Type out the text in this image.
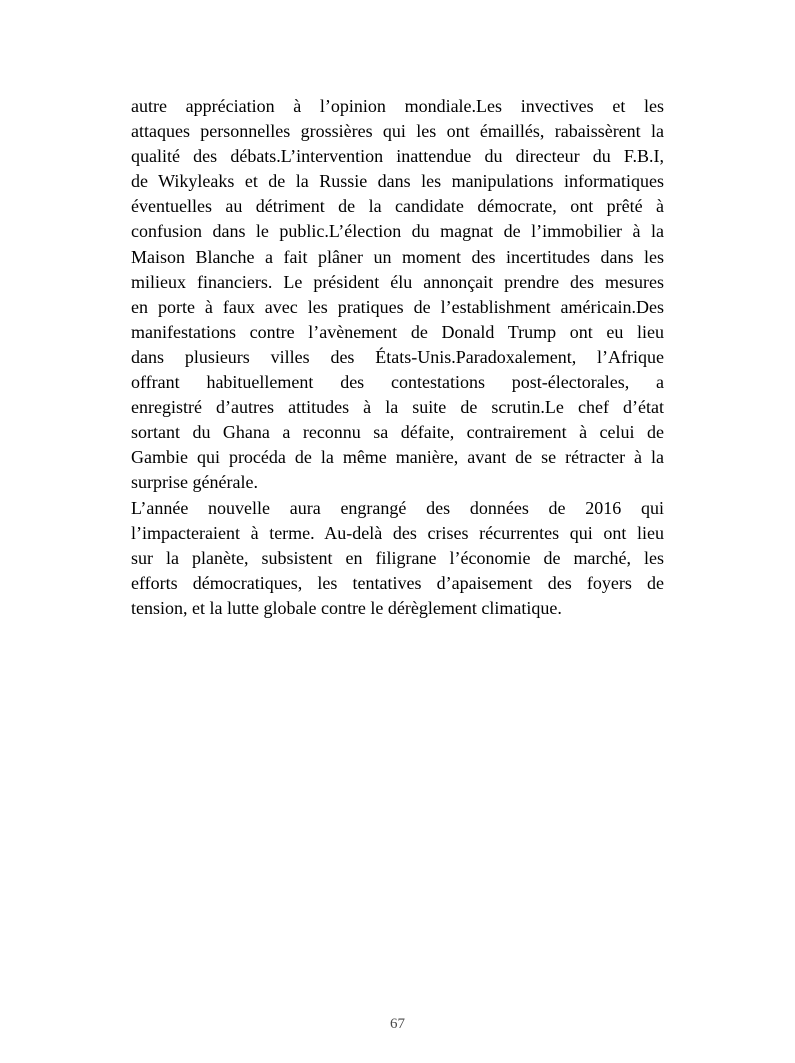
autre appréciation à l’opinion mondiale.Les invectives et les
attaques personnelles grossières qui les ont émaillés, rabaissèrent la
qualité des débats.L’intervention inattendue du directeur du F.B.I,
de Wikyleaks et de la Russie dans les manipulations informatiques
éventuelles au détriment de la candidate démocrate, ont prêté à
confusion dans le public.L’élection du magnat de l’immobilier à la
Maison Blanche a fait plâner un moment des incertitudes dans les
milieux financiers. Le président élu annonçait prendre des mesures
en porte à faux avec les pratiques de l’establishment américain.Des
manifestations contre l’avènement de Donald Trump ont eu lieu
dans plusieurs villes des États-Unis.Paradoxalement, l’Afrique
offrant habituellement des contestations post-électorales, a
enregistré d’autres attitudes à la suite de scrutin.Le chef d’état
sortant du Ghana a reconnu sa défaite, contrairement à celui de
Gambie qui procéda de la même manière, avant de se rétracter à la
surprise générale.
L’année nouvelle aura engrangé des données de 2016 qui
l’impacteraient à terme. Au-delà des crises récurrentes qui ont lieu
sur la planète, subsistent en filigrane l’économie de marché, les
efforts démocratiques, les tentatives d’apaisement des foyers de
tension, et la lutte globale contre le dérèglement climatique.
67
